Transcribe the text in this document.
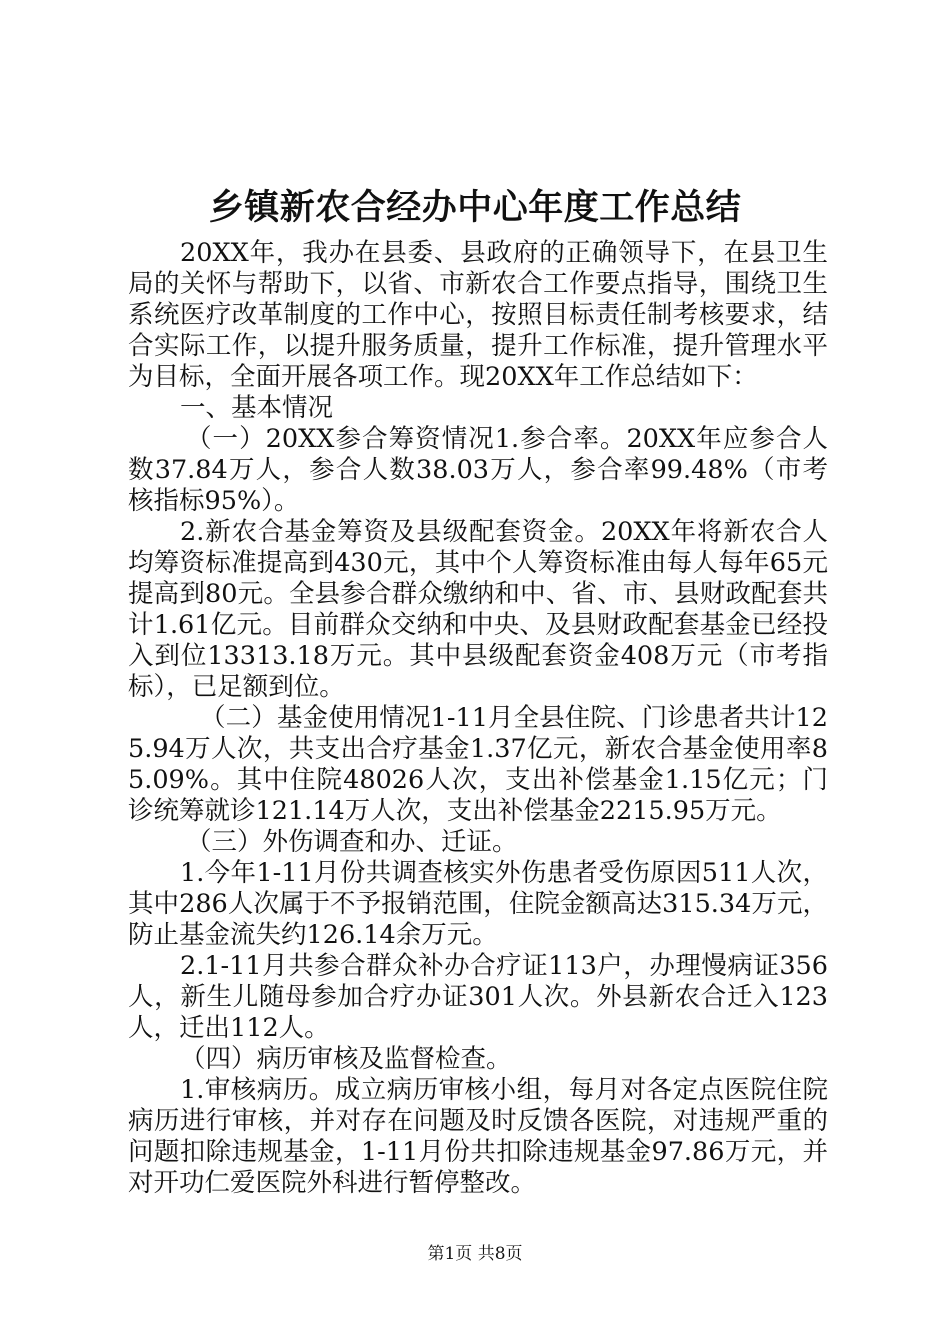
乡镇新农合经办中心年度工作总结

20XX年，我办在县委、县政府的正确领导下，在县卫生局的关怀与帮助下，以省、市新农合工作要点指导，围绕卫生系统医疗改革制度的工作中心，按照目标责任制考核要求，结合实际工作，以提升服务质量，提升工作标准，提升管理水平为目标，全面开展各项工作。现20XX年工作总结如下：

一、基本情况

（一）20XX参合筹资情况1.参合率。20XX年应参合人数37.84万人，参合人数38.03万人，参合率99.48%（市考核指标95%）。

2.新农合基金筹资及县级配套资金。20XX年将新农合人均筹资标准提高到430元，其中个人筹资标准由每人每年65元提高到80元。全县参合群众缴纳和中、省、市、县财政配套共计1.61亿元。目前群众交纳和中央、及县财政配套基金已经投入到位13313.18万元。其中县级配套资金408万元（市考指标），已足额到位。

（二）基金使用情况1-11月全县住院、门诊患者共计125.94万人次，共支出合疗基金1.37亿元，新农合基金使用率85.09%。其中住院48026人次，支出补偿基金1.15亿元；门诊统筹就诊121.14万人次，支出补偿基金2215.95万元。

（三）外伤调查和办、迁证。

1.今年1-11月份共调查核实外伤患者受伤原因511人次，其中286人次属于不予报销范围，住院金额高达315.34万元，防止基金流失约126.14余万元。

2.1-11月共参合群众补办合疗证113户，办理慢病证356人，新生儿随母参加合疗办证301人次。外县新农合迁入123人，迁出112人。

（四）病历审核及监督检查。

1.审核病历。成立病历审核小组，每月对各定点医院住院病历进行审核，并对存在问题及时反馈各医院，对违规严重的问题扣除违规基金，1-11月份共扣除违规基金97.86万元，并对开功仁爱医院外科进行暂停整改。

第1页 共8页
